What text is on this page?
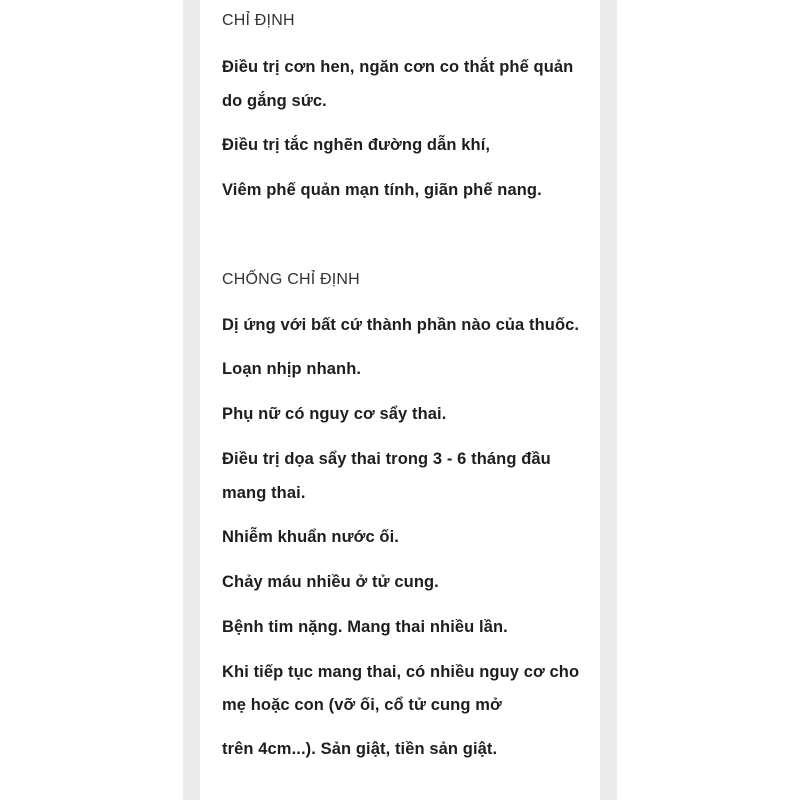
CHỈ ĐỊNH
Điều trị cơn hen, ngăn cơn co thắt phế quản
do gắng sức.
Điều trị tắc nghẽn đường dẫn khí,
Viêm phế quản mạn tính, giãn phế nang.
CHỐNG CHỈ ĐỊNH
Dị ứng với bất cứ thành phần nào của thuốc.
Loạn nhịp nhanh.
Phụ nữ có nguy cơ sẩy thai.
Điều trị dọa sẩy thai trong 3 - 6 tháng đầu
mang thai.
Nhiễm khuẩn nước ối.
Chảy máu nhiều ở tử cung.
Bệnh tim nặng. Mang thai nhiều lần.
Khi tiếp tục mang thai, có nhiều nguy cơ cho
mẹ hoặc con (vỡ ối, cổ tử cung mở
trên 4cm...). Sản giật, tiền sản giật.
